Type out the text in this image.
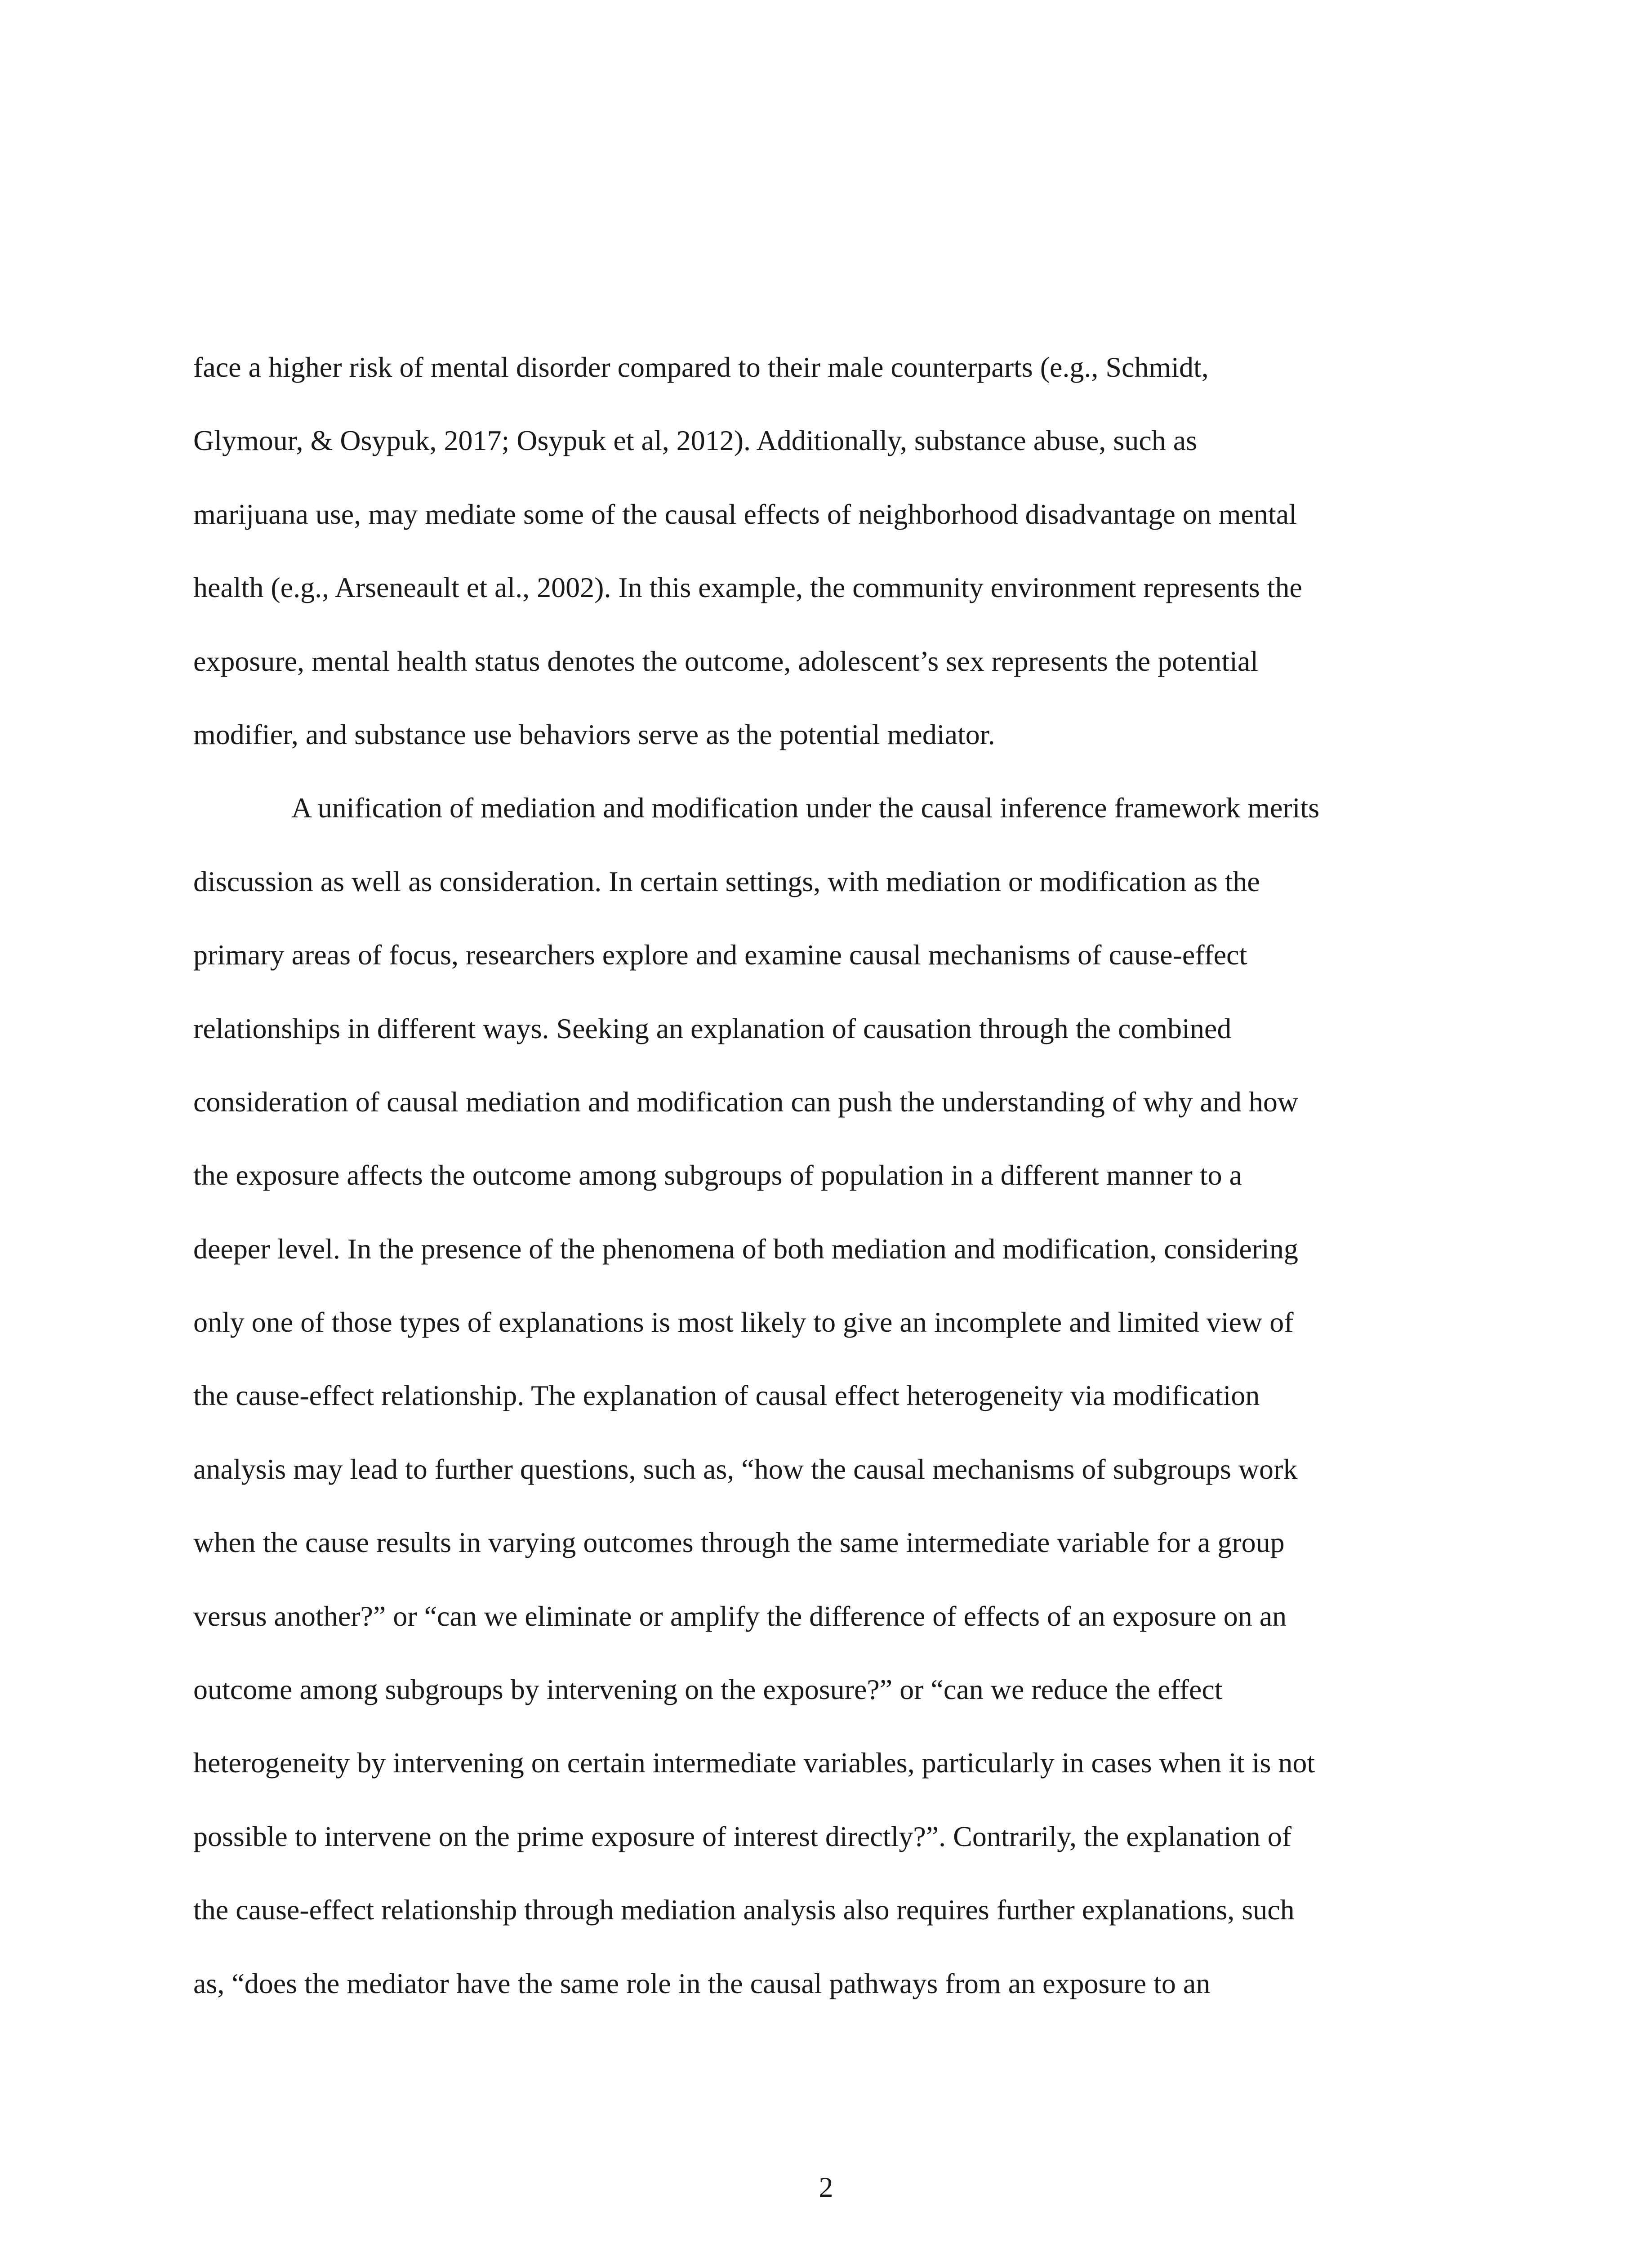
face a higher risk of mental disorder compared to their male counterparts (e.g., Schmidt,
Glymour, & Osypuk, 2017; Osypuk et al, 2012). Additionally, substance abuse, such as
marijuana use, may mediate some of the causal effects of neighborhood disadvantage on mental
health (e.g., Arseneault et al., 2002). In this example, the community environment represents the
exposure, mental health status denotes the outcome, adolescent’s sex represents the potential
modifier, and substance use behaviors serve as the potential mediator.
A unification of mediation and modification under the causal inference framework merits
discussion as well as consideration. In certain settings, with mediation or modification as the
primary areas of focus, researchers explore and examine causal mechanisms of cause-effect
relationships in different ways. Seeking an explanation of causation through the combined
consideration of causal mediation and modification can push the understanding of why and how
the exposure affects the outcome among subgroups of population in a different manner to a
deeper level. In the presence of the phenomena of both mediation and modification, considering
only one of those types of explanations is most likely to give an incomplete and limited view of
the cause-effect relationship. The explanation of causal effect heterogeneity via modification
analysis may lead to further questions, such as, “how the causal mechanisms of subgroups work
when the cause results in varying outcomes through the same intermediate variable for a group
versus another?” or “can we eliminate or amplify the difference of effects of an exposure on an
outcome among subgroups by intervening on the exposure?” or “can we reduce the effect
heterogeneity by intervening on certain intermediate variables, particularly in cases when it is not
possible to intervene on the prime exposure of interest directly?”. Contrarily, the explanation of
the cause-effect relationship through mediation analysis also requires further explanations, such
as, “does the mediator have the same role in the causal pathways from an exposure to an
2
